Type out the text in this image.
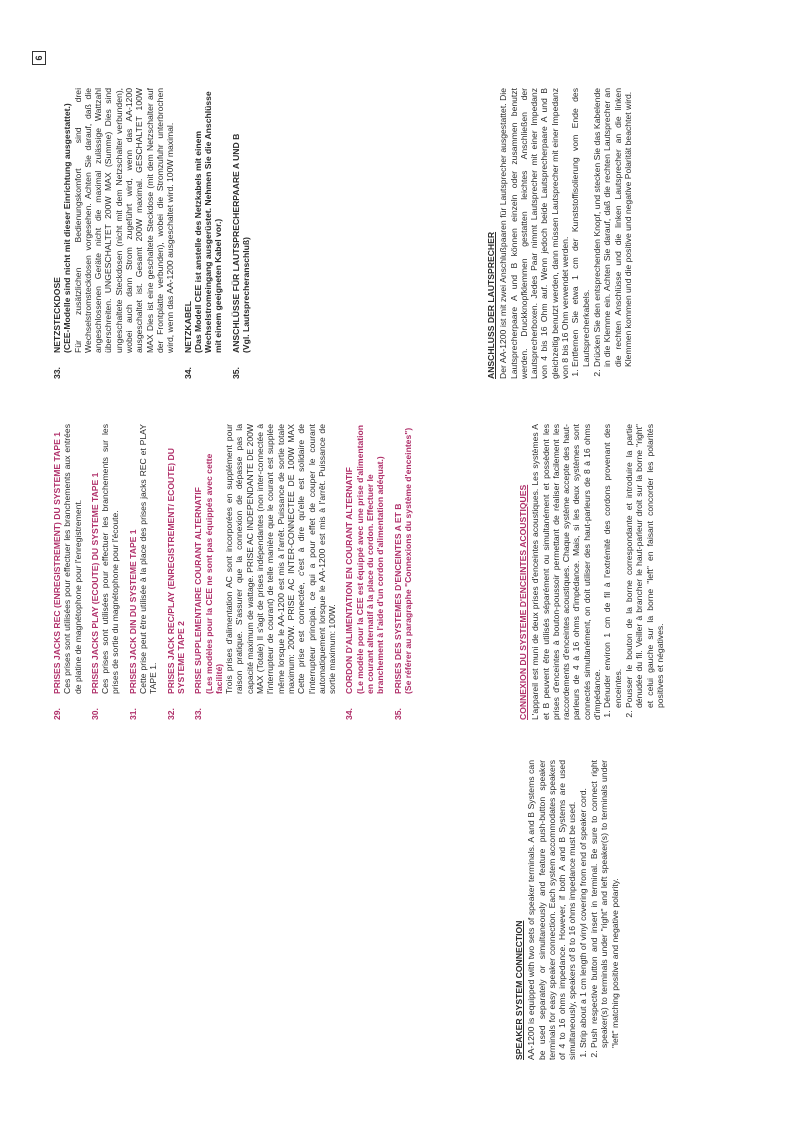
29.
PRISES JACKS REC (ENREGISTREMENT) DU SYSTEME TAPE 1 Ces prises sont utilisées pour effectuer les branchements aux entrées de platine de magnétophone pour l'enregistrement.
30.
PRISES JACKS PLAY (ECOUTE) DU SYSTEME TAPE 1 Ces prises sont utilisées pour effectuer les branchements sur les prises de sortie du magnétophone pour l'écoute.
31.
PRISES JACK DIN DU SYSTEME TAPE 1 Cette prise peut être utilisée à la place des prises jacks REC et PLAY TAPE 1.
32.
PRISES JACK REC/PLAY (ENREGISTREMENT/ ECOUTE) DU SYSTEME TAPE 2
33.
PRISE SUPPLEMENTAIRE COURANT ALTERNATIF (Les modèles pour la CEE ne sont pas équippés avec cette facilité) Trois prises d'alimentation AC sont incorporées en supplément pour raison pratique. S'assurer que la connexion de dépasse pas la capacité maximum de wattage. PRISE AC INDEPENDANTE DE 200W MAX (Totale) Il s'agit de prises indépendantes (non inter-connectée à l'interrupteur de courant) de telle manière que le courant est supplée même lorsque le AA-1200 est mis à l'arrêt. Puissance de sortie totale maximum: 200W. PRISE AC INTER-CONNECTEE DE 100W MAX Cette prise est connectée, c'est à dire qu'elle est solidaire de l'interrupteur principal, ce qui a pour effet de couper le courant automatiquement lorsque le AA-1200 est mis à l'arrêt. Puissance de sortie maximum: 100W.
34.
CORDON D'ALIMENTATION EN COURANT ALTERNATIF (Le modèle pour la CEE est équippé avec une prise d'alimentation en courant alternatif à la place du cordon. Effectuer le branchement à l'aide d'un cordon d'alimentation adéquat.)
35.
PRISES DES SYSTEMES D'ENCEINTES A ET B (Se référer au paragraphe "Connexions du système d'enceintes")
33.
NETZSTECKDOSE (CEE-Modelle sind nicht mit dieser Einrichtung ausgestattet.) Für zusätzlichen Bedienungskomfort sind drei Wechselstromsteckdosen vorgesehen. Achten Sie darauf, daß die angeschlossenen Geräte nicht die maximal zulässige Wattzahl überschreiten. UNGESCHALTET 200W MAX (Summe) Dies sind ungeschaltete Steckdosen (nicht mit dem Netzschalter verbunden), wobei auch dann Strom zugeführt wird, wenn das AA-1200 ausgeschaltet ist. Gesamt 200W maximal. GESCHALTET 100W MAX Dies ist eine geschaltete Steckdose (mit dem Netzschalter auf der Frontplatte verbunden), wobei die Stromzufuhr unterbrochen wird, wenn das AA-1200 ausgeschaltet wird. 100W maximal.
34.
NETZKABEL (Das Modell CEE ist anstelle des Netzkabels mit einem Wechselstromeingang ausgerüstet. Nehmen Sie die Anschlüsse mit einem geeigneten Kabel vor.)
35.
ANSCHLÜSSE FÜR LAUTSPRECHERPAARE A UND B (Vgl. Lautsprecheranschluß)
6
SPEAKER SYSTEM CONNECTION AA-1200 is equipped with two sets of speaker terminals. A and B Systems can be used separately or simultaneously and feature push-button speaker terminals for easy speaker connection. Each system accommodates speakers of 4 to 16 ohms impedance. However, if both A and B Systems are used simultaneously, speakers of 8 to 16 ohms impedance must be used. 1. Strip about a 1 cm length of vinyl covering from end of speaker cord. 2. Push respective button and insert in terminal. Be sure to connect right speaker(s) to terminals under "right" and left speaker(s) to terminals under "left" matching positive and negative polarity.
CONNEXION DU SYSTEME D'ENCEINTES ACOUSTIQUES L'appareil est muni de deux prises d'enceintes acoustiques. Les systèmes A et B peuvent être utilisés séparément ou simultanément et possèdent les prises d'enceintes à bouton-poussoir permettant de réaliser facilement les raccordements d'enceintes acoustiques. Chaque système accepte des haut-parleurs de 4 à 16 ohms d'impédance. Mais, si les deux systèmes sont connectés simultanément, on doit utiliser des haut-parleurs de 8 à 16 ohms d'impédance. 1. Dénuder environ 1 cm de fil à l'extrémité des cordons provenant des enceintes. 2. Pousser le bouton de la borne correspondante et introduire la partie dénudée du fil. Veiller à brancher le haut-parleur droit sur la borne "right" et celui gauche sur la borne "left" en faisant concorder les polarités positives et négatives.
ANSCHLUSS DER LAUTSPRECHER Der AA-1200 ist mit zwei Anschlußpaaren für Lautsprecher ausgestattet. Die Lautsprecherpaare A und B können einzeln oder zusammen benutzt werden. Druckknopfklemmen gestatten leichtes Anschließen der Lautsprecherboxen. Jedes Paar nimmt Lautsprecher mit einer Impedanz von 4 bis 16 Ohm auf. Wenn jedoch beide Lautsprecherpaare A und B gleichzeitig benutzt werden, dann müssen Lautsprecher mit einer Impedanz von 8 bis 16 Ohm verwendet werden. 1. Entfernen Sie etwa 1 cm der Kunststoffisolierung vom Ende des Lautsprecherkabels. 2. Drücken Sie den entsprechenden Knopf, und stecken Sie das Kabelende in die Klemme ein. Achten Sie darauf, daß die rechten Lautsprecher an die rechten Anschlüsse und die linken Lautsprecher an die linken Klemmen kommen und die positive und negative Polarität beachtet wird.
